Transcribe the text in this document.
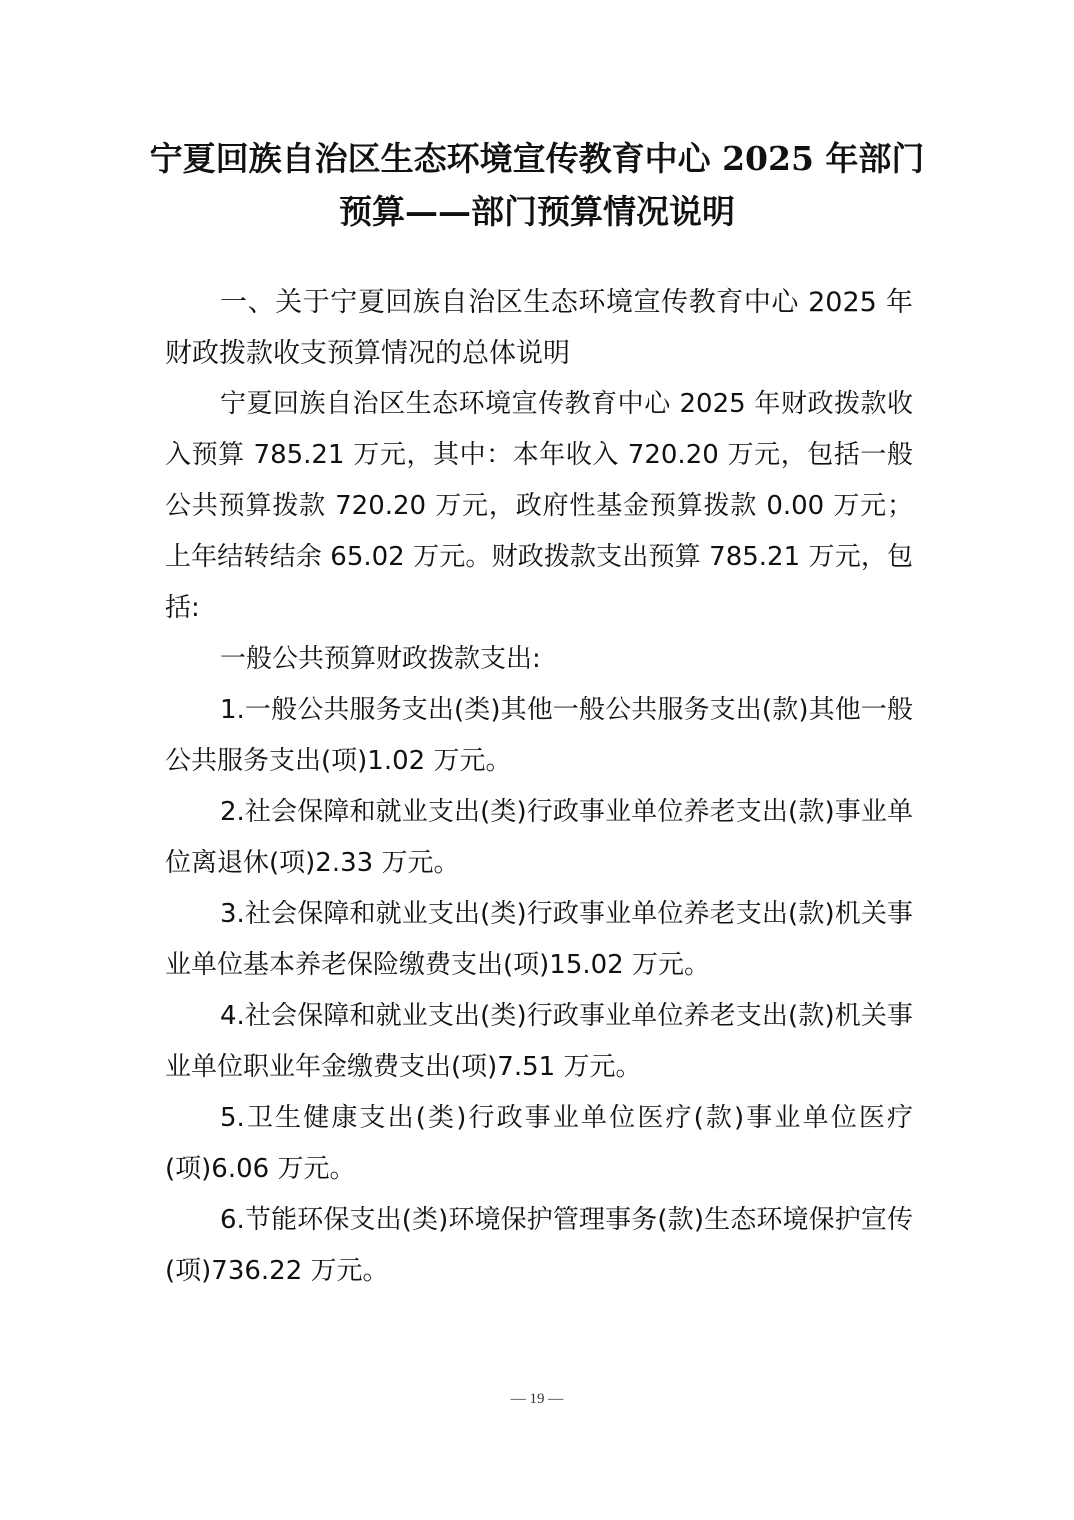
宁夏回族自治区生态环境宣传教育中心 2025 年部门
预算——部门预算情况说明

一、关于宁夏回族自治区生态环境宣传教育中心 2025 年财政拨款收支预算情况的总体说明

宁夏回族自治区生态环境宣传教育中心 2025 年财政拨款收入预算 785.21 万元，其中：本年收入 720.20 万元，包括一般公共预算拨款 720.20 万元，政府性基金预算拨款 0.00 万元；上年结转结余 65.02 万元。财政拨款支出预算 785.21 万元，包括:

一般公共预算财政拨款支出:

1.一般公共服务支出(类)其他一般公共服务支出(款)其他一般公共服务支出(项)1.02 万元。

2.社会保障和就业支出(类)行政事业单位养老支出(款)事业单位离退休(项)2.33 万元。

3.社会保障和就业支出(类)行政事业单位养老支出(款)机关事业单位基本养老保险缴费支出(项)15.02 万元。

4.社会保障和就业支出(类)行政事业单位养老支出(款)机关事业单位职业年金缴费支出(项)7.51 万元。

5.卫生健康支出(类)行政事业单位医疗(款)事业单位医疗(项)6.06 万元。

6.节能环保支出(类)环境保护管理事务(款)生态环境保护宣传(项)736.22 万元。

— 19 —
